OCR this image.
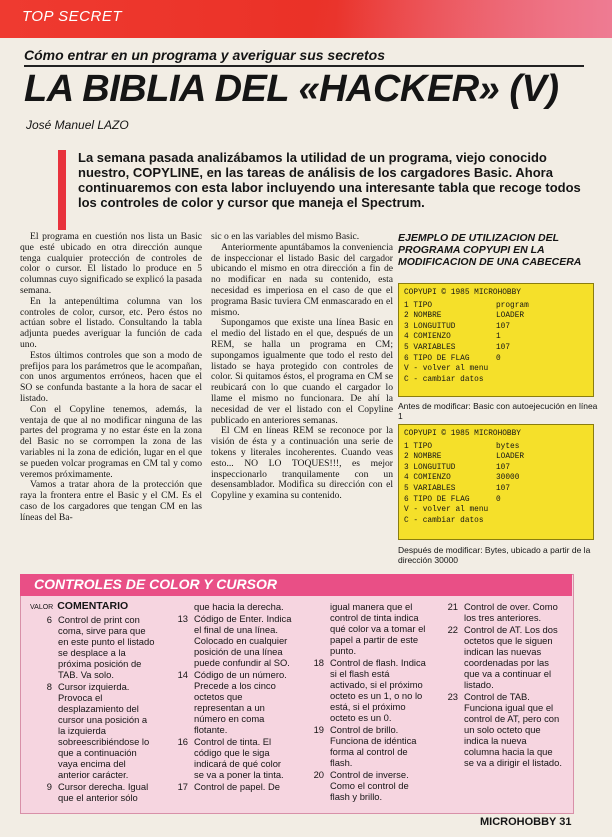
TOP SECRET
Cómo entrar en un programa y averiguar sus secretos
LA BIBLIA DEL «HACKER» (V)
José Manuel LAZO
La semana pasada analizábamos la utilidad de un programa, viejo conocido nuestro, COPYLINE, en las tareas de análisis de los cargadores Basic. Ahora continuaremos con esta labor incluyendo una interesante tabla que recoge todos los controles de color y cursor que maneja el Spectrum.

El programa en cuestión nos lista un Basic que esté ubicado en otra dirección aunque tenga cualquier protección de controles de color o cursor. El listado lo produce en 5 columnas cuyo significado se explicó la pasada semana.

En la antepenúltima columna van los controles de color, cursor, etc. Pero éstos no actúan sobre el listado. Consultando la tabla adjunta puedes averiguar la función de cada uno.

Estos últimos controles que son a modo de prefijos para los parámetros que le acompañan, con unos argumentos erróneos, hacen que el SO se confunda bastante a la hora de sacar el listado.

Con el Copyline tenemos, además, la ventaja de que al no modificar ninguna de las partes del programa y no estar éste en la zona del Basic no se corrompen la zona de las variables ni la zona de edición, lugar en el que se pueden volcar programas en CM tal y como veremos próximamente.

Vamos a tratar ahora de la protección que raya la frontera entre el Basic y el CM. Es el caso de los cargadores que tengan CM en las líneas del Ba-

sic o en las variables del mismo Basic.

Anteriormente apuntábamos la conveniencia de inspeccionar el listado Basic del cargador ubicando el mismo en otra dirección a fin de no modificar en nada su contenido, esta necesidad es imperiosa en el caso de que el programa Basic tuviera CM enmascarado en el mismo.

Supongamos que existe una línea Basic en el medio del listado en el que, después de un REM, se halla un programa en CM; supongamos igualmente que todo el resto del listado se haya protegido con controles de color. Si quitamos éstos, el programa en CM se reubicará con lo que cuando el cargador lo llame el mismo no funcionara. De ahí la necesidad de ver el listado con el Copyline publicado en anteriores semanas.

El CM en líneas REM se reconoce por la visión de ésta y a continuación una serie de tokens y literales incoherentes. Cuando veas esto... NO LO TOQUES!!!, es mejor inspeccionarlo tranquilamente con un desensamblador. Modifica su dirección con el Copyline y examina su contenido.

EJEMPLO DE UTILIZACION DEL PROGRAMA COPYUPI EN LA MODIFICACION DE UNA CABECERA
COPYUPI © 1985 MICROHOBBY
1 TIPO	program
2 NOMBRE	LOADER
3 LONGUITUD	107
4 COMIENZO	1
5 VARIABLES	107
6 TIPO DE FLAG	0
V - volver al menu
C - cambiar datos
Antes de modificar: Basic con autoejecución en línea 1
COPYUPI © 1985 MICROHOBBY
1 TIPO	bytes
2 NOMBRE	LOADER
3 LONGUITUD	107
4 COMIENZO	30000
5 VARIABLES	107
6 TIPO DE FLAG	0
V - volver al menu
C - cambiar datos
Después de modificar: Bytes, ubicado a partir de la dirección 30000
CONTROLES DE COLOR Y CURSOR
VALOR COMENTARIO
6 Control de print con coma, sirve para que en este punto el listado se desplace a la próxima posición de TAB. Va solo.
8 Cursor izquierda. Provoca el desplazamiento del cursor una posición a la izquierda sobreescribiéndose lo que a continuación vaya encima del anterior carácter.
9 Cursor derecha. Igual que el anterior sólo
que hacia la derecha.
13 Código de Enter. Indica el final de una línea. Colocado en cualquier posición de una línea puede confundir al SO.
14 Código de un número. Precede a los cinco octetos que representan a un número en coma flotante.
16 Control de tinta. El código que le siga indicará de qué color se va a poner la tinta.
17 Control de papel. De
igual manera que el control de tinta indica qué color va a tomar el papel a partir de este punto.
18 Control de flash. Indica si el flash está activado, si el próximo octeto es un 1, o no lo está, si el próximo octeto es un 0.
19 Control de brillo. Funciona de idéntica forma al control de flash.
20 Control de inverse. Como el control de flash y brillo.
21 Control de over. Como los tres anteriores.
22 Control de AT. Los dos octetos que le siguen indican las nuevas coordenadas por las que va a continuar el listado.
23 Control de TAB. Funciona igual que el control de AT, pero con un solo octeto que indica la nueva columna hacia la que se va a dirigir el listado.
MICROHOBBY 31
